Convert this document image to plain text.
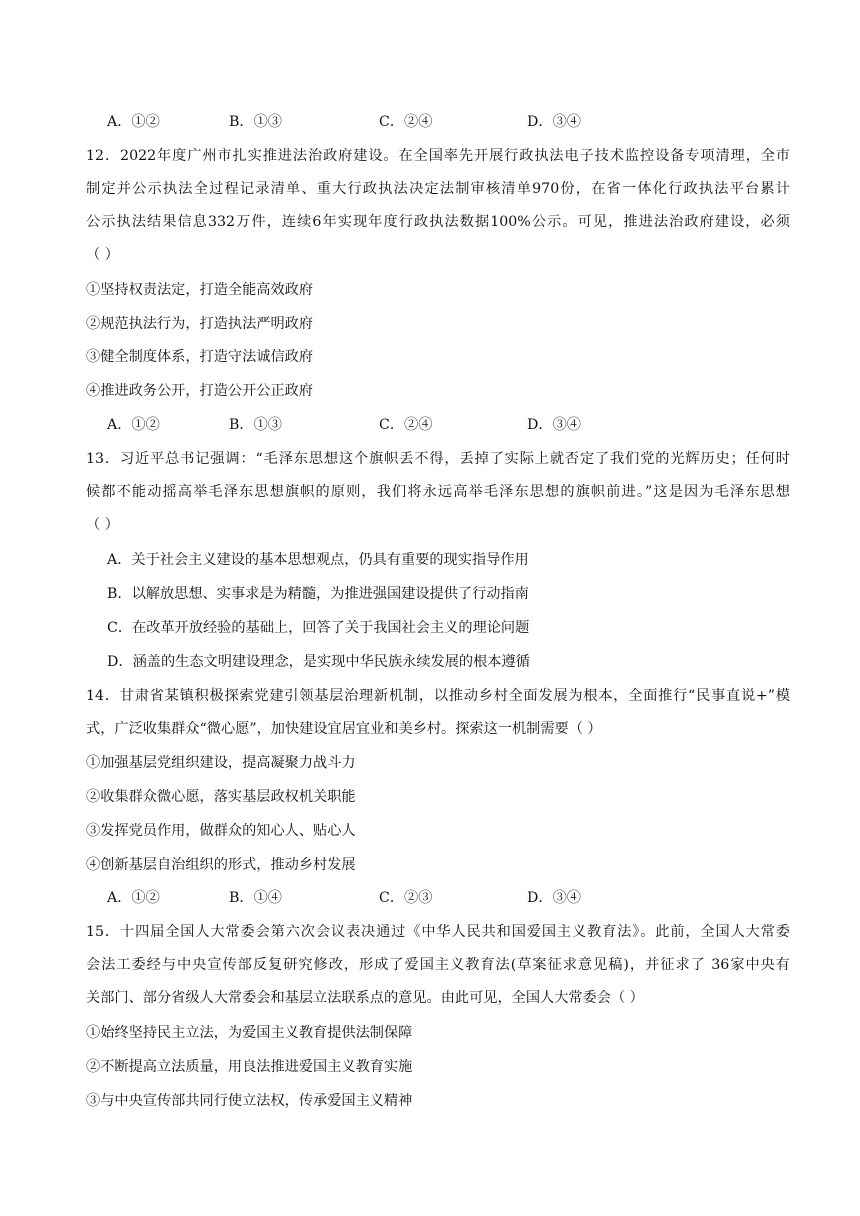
A．①②	B．①③	C．②④	D．③④
12．2022年度广州市扎实推进法治政府建设。在全国率先开展行政执法电子技术监控设备专项清理，全市
制定并公示执法全过程记录清单、重大行政执法决定法制审核清单970份，在省一体化行政执法平台累计
公示执法结果信息332万件，连续6年实现年度行政执法数据100%公示。可见，推进法治政府建设，必须
（ ）
①坚持权责法定，打造全能高效政府
②规范执法行为，打造执法严明政府
③健全制度体系，打造守法诚信政府
④推进政务公开，打造公开公正政府
A．①②	B．①③	C．②④	D．③④
13．习近平总书记强调：“毛泽东思想这个旗帜丢不得，丢掉了实际上就否定了我们党的光辉历史；任何时
候都不能动摇高举毛泽东思想旗帜的原则，我们将永远高举毛泽东思想的旗帜前进。”这是因为毛泽东思想
（ ）
A．关于社会主义建设的基本思想观点，仍具有重要的现实指导作用
B．以解放思想、实事求是为精髓，为推进强国建设提供了行动指南
C．在改革开放经验的基础上，回答了关于我国社会主义的理论问题
D．涵盖的生态文明建设理念，是实现中华民族永续发展的根本遵循
14．甘肃省某镇积极探索党建引领基层治理新机制，以推动乡村全面发展为根本，全面推行“民事直说+”模
式，广泛收集群众“微心愿”，加快建设宜居宜业和美乡村。探索这一机制需要（ ）
①加强基层党组织建设，提高凝聚力战斗力
②收集群众微心愿，落实基层政权机关职能
③发挥党员作用，做群众的知心人、贴心人
④创新基层自治组织的形式，推动乡村发展
A．①②	B．①④	C．②③	D．③④
15．十四届全国人大常委会第六次会议表决通过《中华人民共和国爱国主义教育法》。此前，全国人大常委
会法工委经与中央宣传部反复研究修改，形成了爱国主义教育法(草案征求意见稿)，并征求了 36家中央有
关部门、部分省级人大常委会和基层立法联系点的意见。由此可见，全国人大常委会（ ）
①始终坚持民主立法，为爱国主义教育提供法制保障
②不断提高立法质量，用良法推进爱国主义教育实施
③与中央宣传部共同行使立法权，传承爱国主义精神
